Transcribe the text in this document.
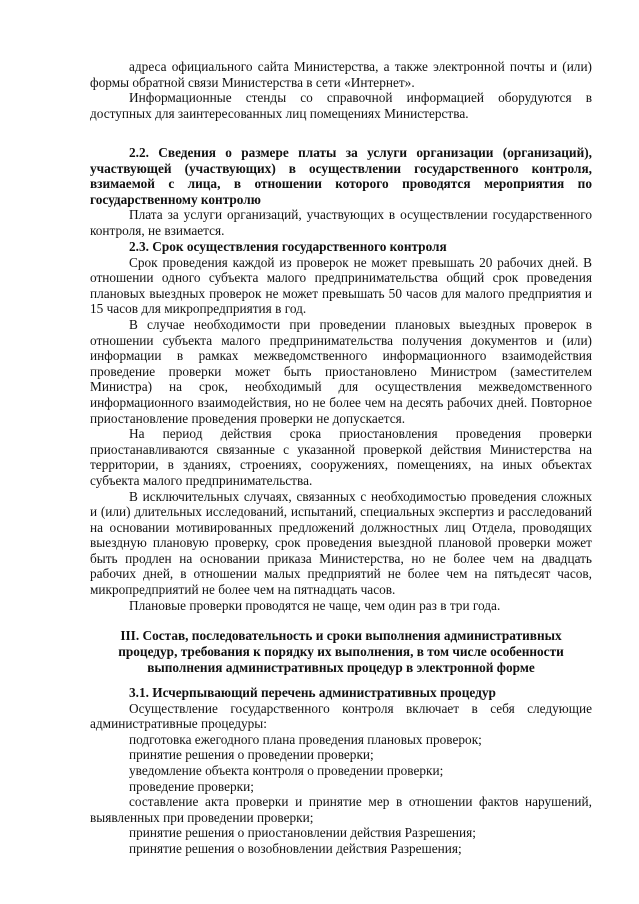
адреса официального сайта Министерства, а также электронной почты и (или) формы обратной связи Министерства в сети «Интернет».

Информационные стенды со справочной информацией оборудуются в доступных для заинтересованных лиц помещениях Министерства.

2.2. Сведения о размере платы за услуги организации (организаций), участвующей (участвующих) в осуществлении государственного контроля, взимаемой с лица, в отношении которого проводятся мероприятия по государственному контролю

Плата за услуги организаций, участвующих в осуществлении государственного контроля, не взимается.

2.3. Срок осуществления государственного контроля

Срок проведения каждой из проверок не может превышать 20 рабочих дней. В отношении одного субъекта малого предпринимательства общий срок проведения плановых выездных проверок не может превышать 50 часов для малого предприятия и 15 часов для микропредприятия в год.

В случае необходимости при проведении плановых выездных проверок в отношении субъекта малого предпринимательства получения документов и (или) информации в рамках межведомственного информационного взаимодействия проведение проверки может быть приостановлено Министром (заместителем Министра) на срок, необходимый для осуществления межведомственного информационного взаимодействия, но не более чем на десять рабочих дней. Повторное приостановление проведения проверки не допускается.

На период действия срока приостановления проведения проверки приостанавливаются связанные с указанной проверкой действия Министерства на территории, в зданиях, строениях, сооружениях, помещениях, на иных объектах субъекта малого предпринимательства.

В исключительных случаях, связанных с необходимостью проведения сложных и (или) длительных исследований, испытаний, специальных экспертиз и расследований на основании мотивированных предложений должностных лиц Отдела, проводящих выездную плановую проверку, срок проведения выездной плановой проверки может быть продлен на основании приказа Министерства, но не более чем на двадцать рабочих дней, в отношении малых предприятий не более чем на пятьдесят часов, микропредприятий не более чем на пятнадцать часов.

Плановые проверки проводятся не чаще, чем один раз в три года.

III. Состав, последовательность и сроки выполнения административных
процедур, требования к порядку их выполнения, в том числе особенности
выполнения административных процедур в электронной форме
3.1. Исчерпывающий перечень административных процедур

Осуществление государственного контроля включает в себя следующие административные процедуры:

подготовка ежегодного плана проведения плановых проверок;

принятие решения о проведении проверки;

уведомление объекта контроля о проведении проверки;

проведение проверки;

составление акта проверки и принятие мер в отношении фактов нарушений, выявленных при проведении проверки;

принятие решения о приостановлении действия Разрешения;

принятие решения о возобновлении действия Разрешения;
